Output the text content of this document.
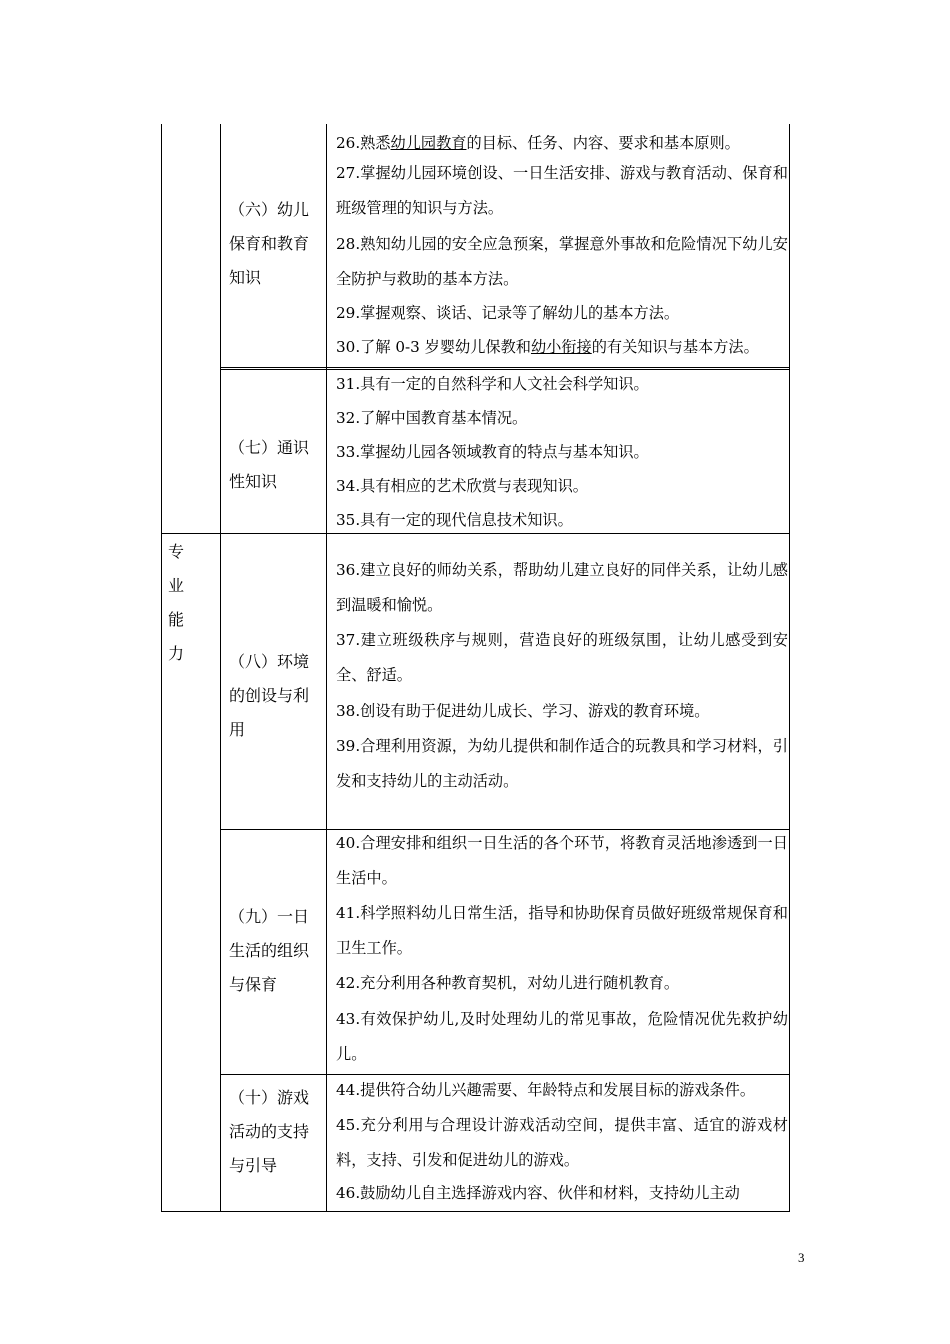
专业能力
（六）幼儿保育和教育知识
（七）通识性知识
（八）环境的创设与利用
（九）一日生活的组织与保育
（十）游戏活动的支持与引导
26.熟悉幼儿园教育的目标、任务、内容、要求和基本原则。
27.掌握幼儿园环境创设、一日生活安排、游戏与教育活动、保育和班级管理的知识与方法。
28.熟知幼儿园的安全应急预案，掌握意外事故和危险情况下幼儿安全防护与救助的基本方法。
29.掌握观察、谈话、记录等了解幼儿的基本方法。
30.了解 0-3 岁婴幼儿保教和幼小衔接的有关知识与基本方法。
31.具有一定的自然科学和人文社会科学知识。
32.了解中国教育基本情况。
33.掌握幼儿园各领域教育的特点与基本知识。
34.具有相应的艺术欣赏与表现知识。
35.具有一定的现代信息技术知识。
36.建立良好的师幼关系，帮助幼儿建立良好的同伴关系，让幼儿感到温暖和愉悦。
37.建立班级秩序与规则，营造良好的班级氛围，让幼儿感受到安全、舒适。
38.创设有助于促进幼儿成长、学习、游戏的教育环境。
39.合理利用资源，为幼儿提供和制作适合的玩教具和学习材料，引发和支持幼儿的主动活动。
40.合理安排和组织一日生活的各个环节，将教育灵活地渗透到一日生活中。
41.科学照料幼儿日常生活，指导和协助保育员做好班级常规保育和卫生工作。
42.充分利用各种教育契机，对幼儿进行随机教育。
43.有效保护幼儿,及时处理幼儿的常见事故，危险情况优先救护幼儿。
44.提供符合幼儿兴趣需要、年龄特点和发展目标的游戏条件。
45.充分利用与合理设计游戏活动空间，提供丰富、适宜的游戏材料，支持、引发和促进幼儿的游戏。
46.鼓励幼儿自主选择游戏内容、伙伴和材料，支持幼儿主动
3
